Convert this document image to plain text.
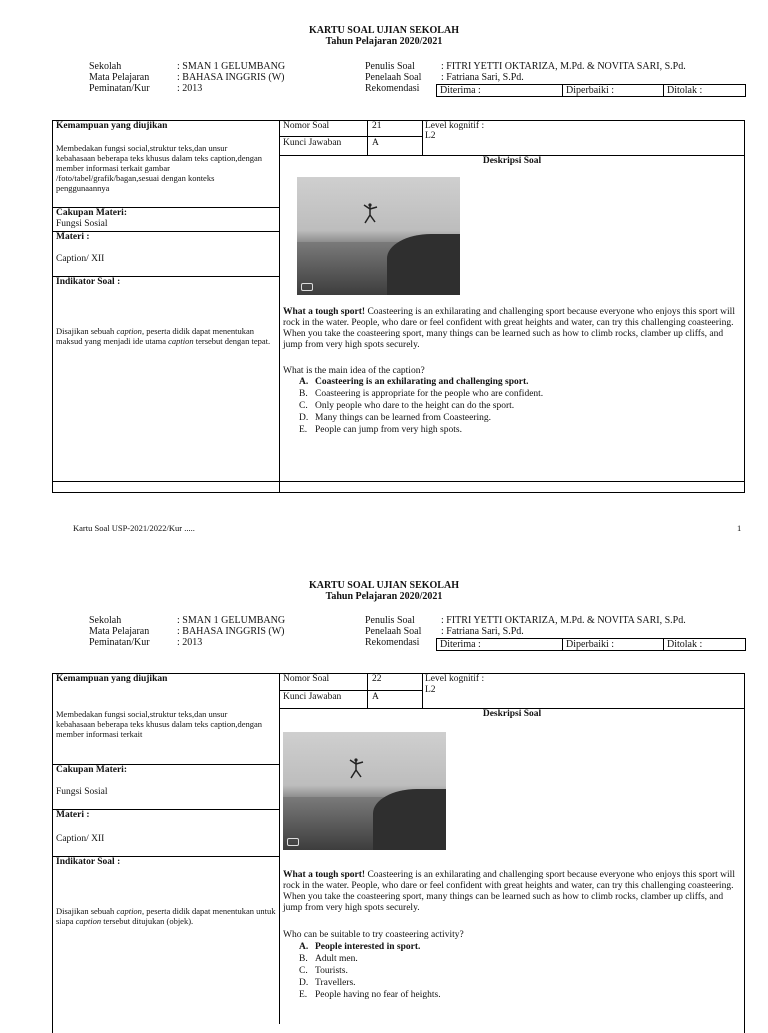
KARTU SOAL UJIAN SEKOLAH
Tahun Pelajaran 2020/2021
Sekolah	: SMAN 1 GELUMBANG
Mata Pelajaran	: BAHASA INGGRIS (W)
Peminatan/Kur	: 2013
Penulis Soal	: FITRI YETTI OKTARIZA, M.Pd. & NOVITA SARI, S.Pd.
Penelaah Soal : Fatriana Sari, S.Pd.
Rekomendasi	Diterima :	Diperbaiki :	Ditolak :
Kemampuan yang diujikan
Membedakan fungsi social,struktur teks,dan unsur kebahasaan beberapa teks khusus dalam teks caption,dengan member informasi terkait gambar /foto/tabel/grafik/bagan,sesuai dengan konteks penggunaannya
Cakupan Materi:
Fungsi Sosial
Materi :
Caption/ XII
Indikator Soal :
Disajikan sebuah caption, peserta didik dapat menentukan maksud yang menjadi ide utama caption tersebut dengan tepat.
Nomor Soal	21
Kunci Jawaban	A
Level kognitif :
L2
Deskripsi Soal
What a tough sport! Coasteering is an exhilarating and challenging sport because everyone who enjoys this sport will rock in the water. People, who dare or feel confident with great heights and water, can try this challenging coasteering. When you take the coasteering sport, many things can be learned such as how to climb rocks, clamber up cliffs, and jump from very high spots securely.
What is the main idea of the caption?
A. Coasteering is an exhilarating and challenging sport.
B. Coasteering is appropriate for the people who are confident.
C. Only people who dare to the height can do the sport.
D. Many things can be learned from Coasteering.
E. People can jump from very high spots.
Kartu Soal USP-2021/2022/Kur .....	1
KARTU SOAL UJIAN SEKOLAH
Tahun Pelajaran 2020/2021
Sekolah	: SMAN 1 GELUMBANG
Mata Pelajaran	: BAHASA INGGRIS (W)
Peminatan/Kur	: 2013
Penulis Soal	: FITRI YETTI OKTARIZA, M.Pd. & NOVITA SARI, S.Pd.
Penelaah Soal : Fatriana Sari, S.Pd.
Rekomendasi	Diterima :	Diperbaiki :	Ditolak :
Kemampuan yang diujikan
Membedakan fungsi social,struktur teks,dan unsur kebahasaan beberapa teks khusus dalam teks caption,dengan member informasi terkait
Cakupan Materi:
Fungsi Sosial
Materi :
Caption/ XII
Indikator Soal :
Disajikan sebuah caption, peserta didik dapat menentukan untuk siapa caption tersebut ditujukan (objek).
Nomor Soal	22
Kunci Jawaban	A
Level kognitif :
L2
Deskripsi Soal
What a tough sport! Coasteering is an exhilarating and challenging sport because everyone who enjoys this sport will rock in the water. People, who dare or feel confident with great heights and water, can try this challenging coasteering. When you take the coasteering sport, many things can be learned such as how to climb rocks, clamber up cliffs, and jump from very high spots securely.
Who can be suitable to try coasteering activity?
A. People interested in sport.
B. Adult men.
C. Tourists.
D. Travellers.
E. People having no fear of heights.
